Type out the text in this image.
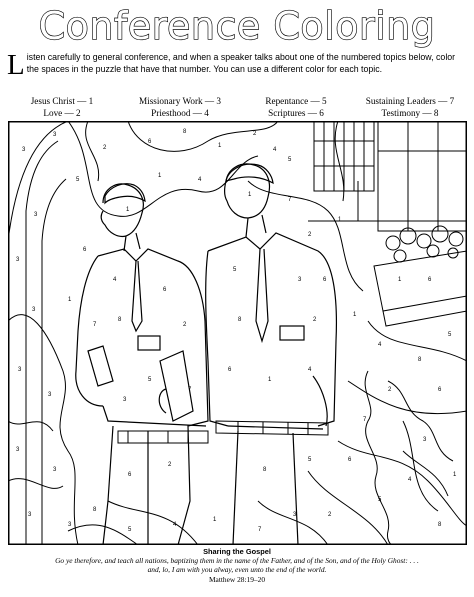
Conference Coloring
Listen carefully to general conference, and when a speaker talks about one of the numbered topics below, color the spaces in the puzzle that have that number. You can use a different color for each topic.
Jesus Christ — 1
Love — 2
Missionary Work — 3
Priesthood — 4
Repentance — 5
Scriptures — 6
Sustaining Leaders — 7
Testimony — 8
3
3
3
3
3
3
3
3
3
3
3
2
6
8
1
2
5
5
1
4
7
2
6
1
4
8
5
6
2
7
3
1
4
5
8
6
2
3
7
1
4
5
8
1
1
4
6
2
8
7
5
3
8	2
6	4
1
5
3
7
2
6
8
5
1
6
4
1	6
1
Sharing the Gospel
Go ye therefore, and teach all nations, baptizing them in the name of the Father, and of the Son, and of the Holy Ghost: . . .
and, lo, I am with you alway, even unto the end of the world.
Matthew 28:19–20
